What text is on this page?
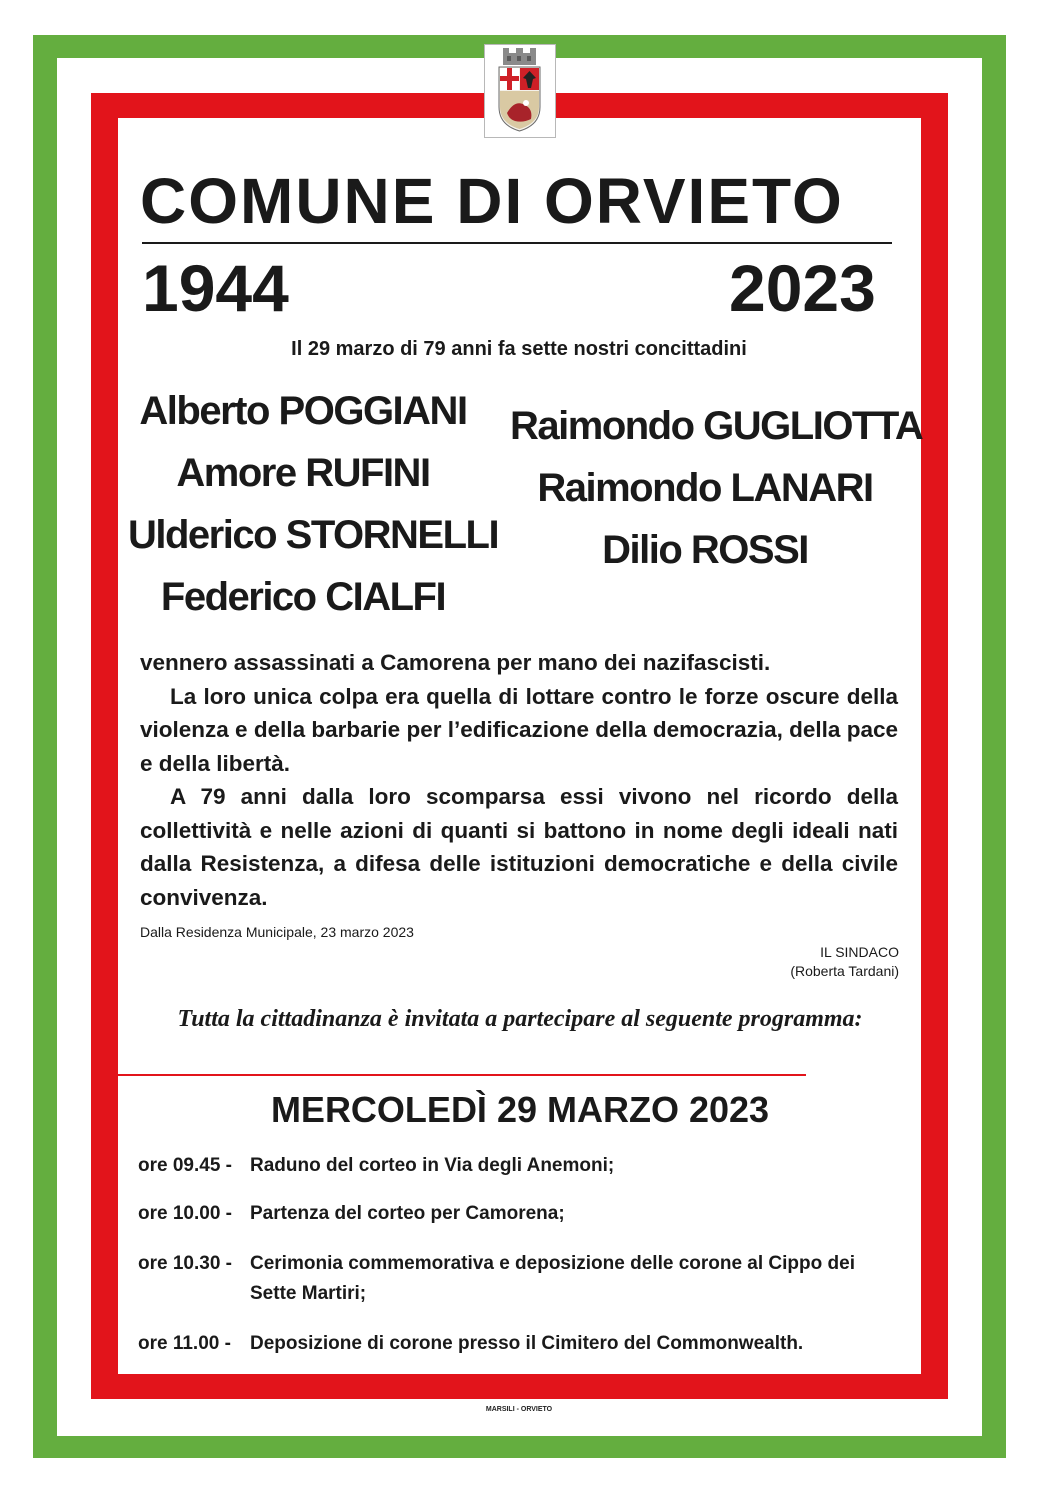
COMUNE DI ORVIETO
1944	2023
Il 29 marzo di 79 anni fa sette nostri concittadini
Alberto POGGIANI
Amore RUFINI
Ulderico STORNELLI
Federico CIALFI
Raimondo GUGLIOTTA
Raimondo LANARI
Dilio ROSSI

vennero assassinati a Camorena per mano dei nazifascisti.

La loro unica colpa era quella di lottare contro le forze oscure della violenza e della barbarie per l’edificazione della democrazia, della pace e della libertà.

A 79 anni dalla loro scomparsa essi vivono nel ricordo della collettività e nelle azioni di quanti si battono in nome degli ideali nati dalla Resistenza, a difesa delle istituzioni democratiche e della civile convivenza.

Dalla Residenza Municipale, 23 marzo 2023
IL SINDACO
(Roberta Tardani)
Tutta la cittadinanza è invitata a partecipare al seguente programma:
MERCOLEDÌ 29 MARZO 2023
ore 09.45 - Raduno del corteo in Via degli Anemoni;
ore 10.00 - Partenza del corteo per Camorena;
ore 10.30 - Cerimonia commemorativa e deposizione delle corone al Cippo dei Sette Martiri;
ore 11.00 - Deposizione di corone presso il Cimitero del Commonwealth.
MARSILI - ORVIETO
